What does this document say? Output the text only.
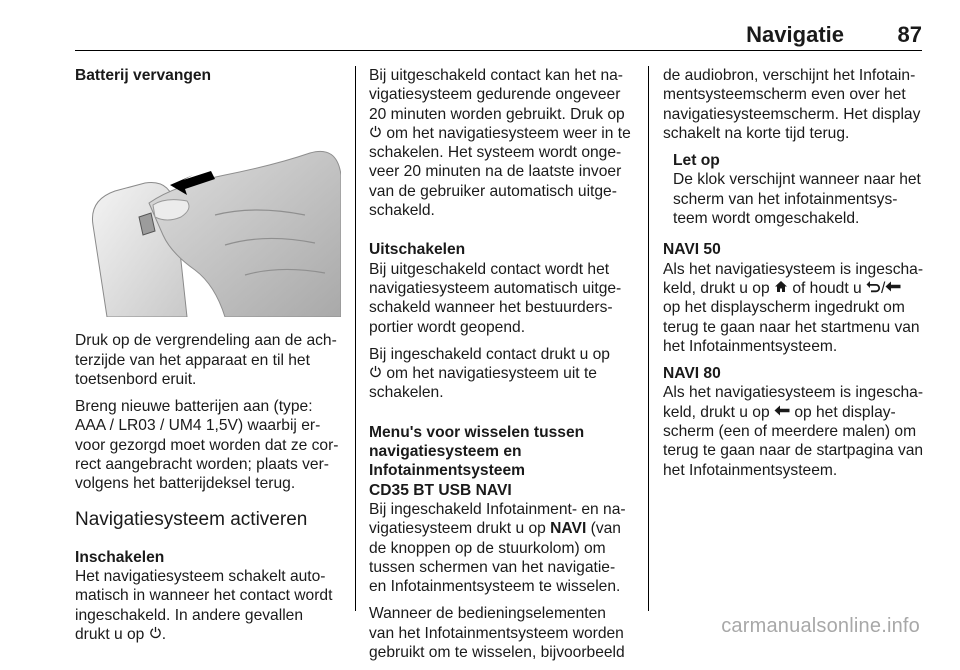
Navigatie 87
Batterij vervangen

Druk op de vergrendeling aan de ach-
terzijde van het apparaat en til het
toetsenbord eruit.

Breng nieuwe batterijen aan (type:
AAA / LR03 / UM4 1,5V) waarbij er-
voor gezorgd moet worden dat ze cor-
rect aangebracht worden; plaats ver-
volgens het batterijdeksel terug.

Navigatiesysteem activeren
Inschakelen

Het navigatiesysteem schakelt auto-
matisch in wanneer het contact wordt
ingeschakeld. In andere gevallen
drukt u op .

Bij uitgeschakeld contact kan het na-
vigatiesysteem gedurende ongeveer
20 minuten worden gebruikt. Druk op
om het navigatiesysteem weer in te
schakelen. Het systeem wordt onge-
veer 20 minuten na de laatste invoer
van de gebruiker automatisch uitge-
schakeld.

Uitschakelen

Bij uitgeschakeld contact wordt het
navigatiesysteem automatisch uitge-
schakeld wanneer het bestuurders-
portier wordt geopend.

Bij ingeschakeld contact drukt u op
om het navigatiesysteem uit te
schakelen.

Menu's voor wisselen tussen
navigatiesysteem en
Infotainmentsysteem
CD35 BT USB NAVI

Bij ingeschakeld Infotainment- en na-
vigatiesysteem drukt u op NAVI (van
de knoppen op de stuurkolom) om
tussen schermen van het navigatie-
en Infotainmentsysteem te wisselen.

Wanneer de bedieningselementen
van het Infotainmentsysteem worden
gebruikt om te wisselen, bijvoorbeeld

de audiobron, verschijnt het Infotain-
mentsysteemscherm even over het
navigatiesysteemscherm. Het display
schakelt na korte tijd terug.

Let op
De klok verschijnt wanneer naar het
scherm van het infotainmentsys-
teem wordt omgeschakeld.
NAVI 50

Als het navigatiesysteem is ingescha-
keld, drukt u op of houdt u /
op het displayscherm ingedrukt om
terug te gaan naar het startmenu van
het Infotainmentsysteem.

NAVI 80

Als het navigatiesysteem is ingescha-
keld, drukt u op op het display-
scherm (een of meerdere malen) om
terug te gaan naar de startpagina van
het Infotainmentsysteem.

carmanualsonline.info
